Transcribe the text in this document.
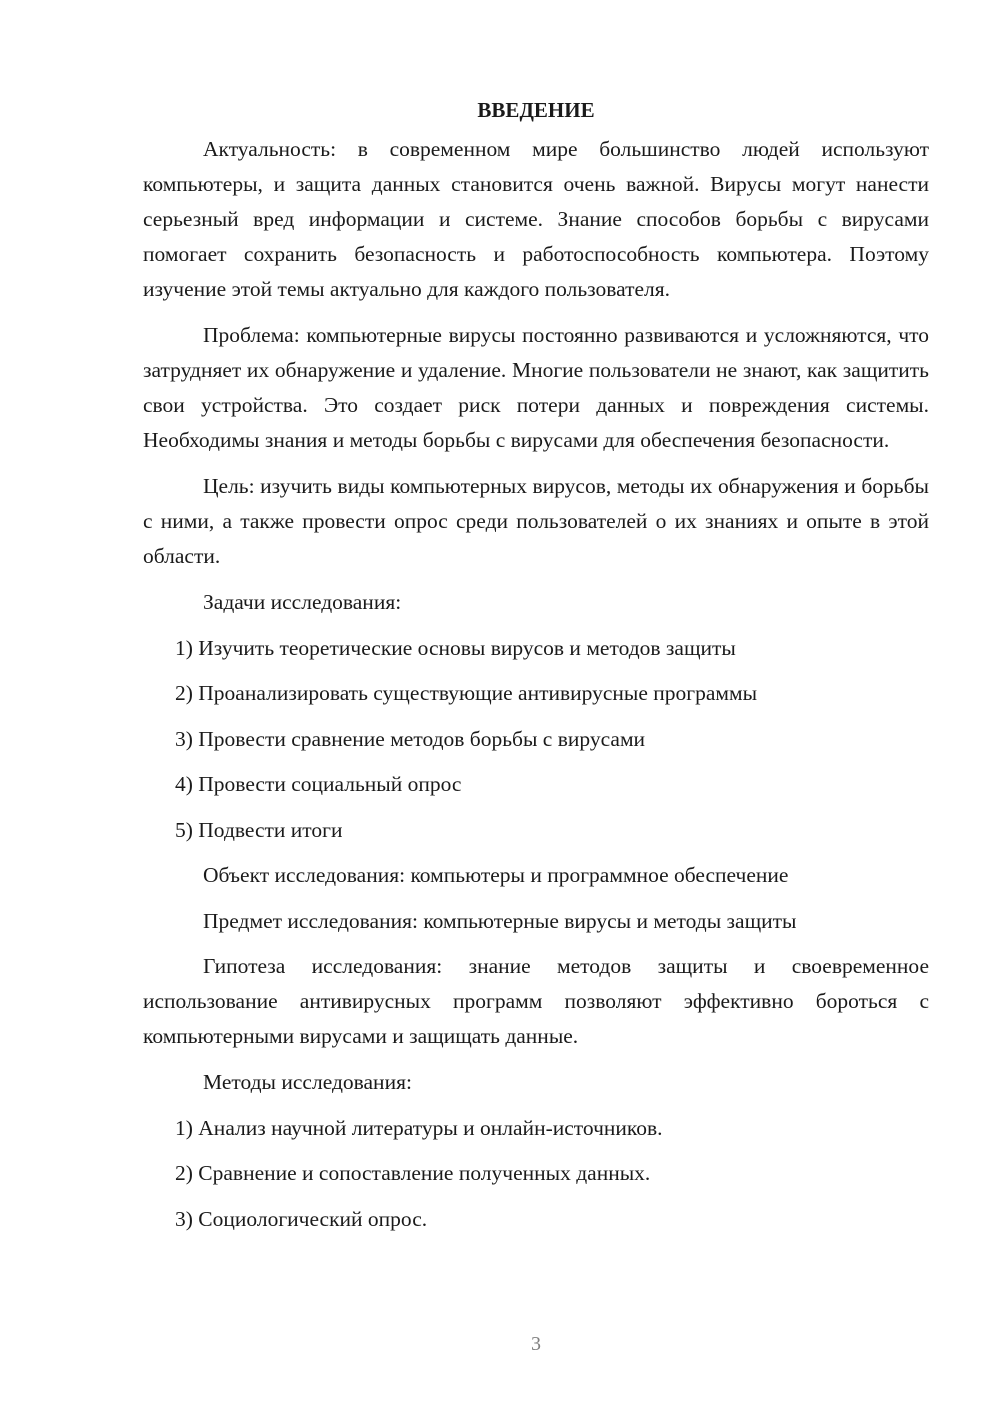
ВВЕДЕНИЕ

Актуальность: в современном мире большинство людей используют компьютеры, и защита данных становится очень важной. Вирусы могут нанести серьезный вред информации и системе. Знание способов борьбы с вирусами помогает сохранить безопасность и работоспособность компьютера. Поэтому изучение этой темы актуально для каждого пользователя.

Проблема: компьютерные вирусы постоянно развиваются и усложняются, что затрудняет их обнаружение и удаление. Многие пользователи не знают, как защитить свои устройства. Это создает риск потери данных и повреждения системы. Необходимы знания и методы борьбы с вирусами для обеспечения безопасности.

Цель: изучить виды компьютерных вирусов, методы их обнаружения и борьбы с ними, а также провести опрос среди пользователей о их знаниях и опыте в этой области.

Задачи исследования:
1) Изучить теоретические основы вирусов и методов защиты
2) Проанализировать существующие антивирусные программы
3) Провести сравнение методов борьбы с вирусами
4) Провести социальный опрос
5) Подвести итоги
Объект исследования: компьютеры и программное обеспечение
Предмет исследования: компьютерные вирусы и методы защиты

Гипотеза исследования: знание методов защиты и своевременное использование антивирусных программ позволяют эффективно бороться с компьютерными вирусами и защищать данные.

Методы исследования:
1) Анализ научной литературы и онлайн-источников.
2) Сравнение и сопоставление полученных данных.
3) Социологический опрос.
3
